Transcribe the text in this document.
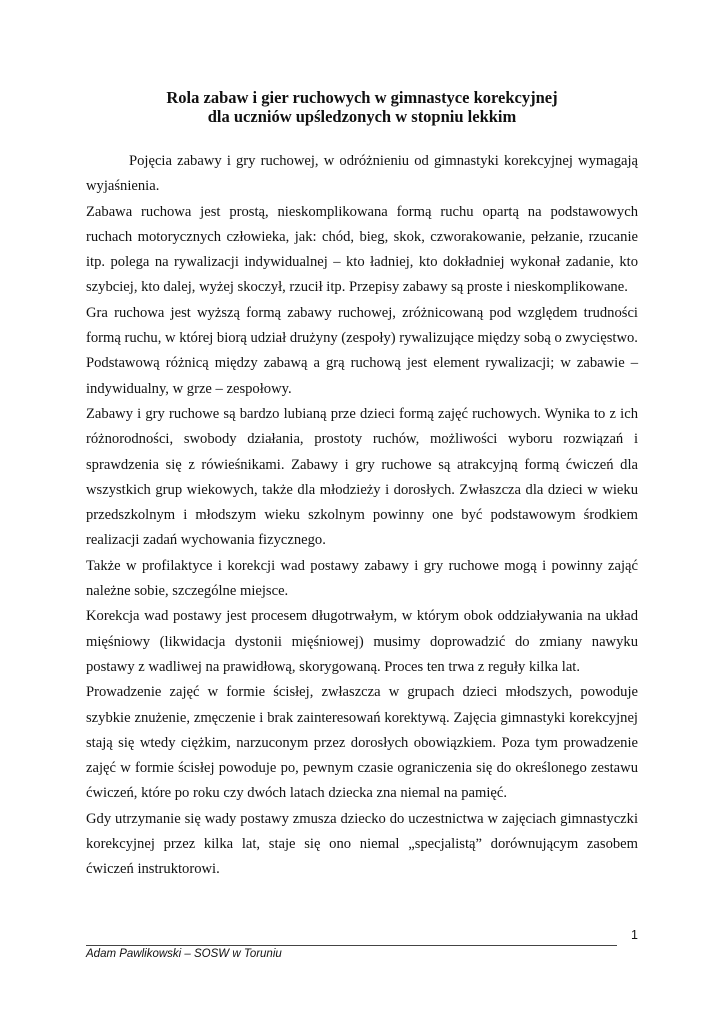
Rola zabaw i gier ruchowych w gimnastyce korekcyjnej
dla uczniów upśledzonych w stopniu lekkim

Pojęcia zabawy i gry ruchowej, w odróżnieniu od gimnastyki korekcyjnej wymagają wyjaśnienia.

Zabawa ruchowa jest prostą, nieskomplikowana formą ruchu opartą na podstawowych ruchach motorycznych człowieka, jak: chód, bieg, skok, czworakowanie, pełzanie, rzucanie itp. polega na rywalizacji indywidualnej – kto ładniej, kto dokładniej wykonał zadanie, kto szybciej, kto dalej, wyżej skoczył, rzucił itp. Przepisy zabawy są proste i nieskomplikowane.

Gra ruchowa jest wyższą formą zabawy ruchowej, zróżnicowaną pod względem trudności formą ruchu, w której biorą udział drużyny (zespoły) rywalizujące między sobą o zwycięstwo.

Podstawową różnicą między zabawą a grą ruchową jest element rywalizacji; w zabawie – indywidualny, w grze – zespołowy.

Zabawy i gry ruchowe są bardzo lubianą prze dzieci formą zajęć ruchowych. Wynika to z ich różnorodności, swobody działania, prostoty ruchów, możliwości wyboru rozwiązań i sprawdzenia się z rówieśnikami. Zabawy i gry ruchowe są atrakcyjną formą ćwiczeń dla wszystkich grup wiekowych, także dla młodzieży i dorosłych. Zwłaszcza dla dzieci w wieku przedszkolnym i młodszym wieku szkolnym powinny one być podstawowym środkiem realizacji zadań wychowania fizycznego.

Także w profilaktyce i korekcji wad postawy zabawy i gry ruchowe mogą i powinny zająć należne sobie, szczególne miejsce.

Korekcja wad postawy jest procesem długotrwałym, w którym obok oddziaływania na układ mięśniowy (likwidacja dystonii mięśniowej) musimy doprowadzić do zmiany nawyku postawy z wadliwej na prawidłową, skorygowaną. Proces ten trwa z reguły kilka lat.

Prowadzenie zajęć w formie ścisłej, zwłaszcza w grupach dzieci młodszych, powoduje szybkie znużenie, zmęczenie i brak zainteresowań korektywą. Zajęcia gimnastyki korekcyjnej stają się wtedy ciężkim, narzuconym przez dorosłych obowiązkiem. Poza tym prowadzenie zajęć w formie ścisłej powoduje po, pewnym czasie ograniczenia się do określonego zestawu ćwiczeń, które po roku czy dwóch latach dziecka zna niemal na pamięć.

Gdy utrzymanie się wady postawy zmusza dziecko do uczestnictwa w zajęciach gimnastyczki korekcyjnej przez kilka lat, staje się ono niemal „specjalistą” dorównującym zasobem ćwiczeń instruktorowi.

1
Adam Pawlikowski – SOSW w Toruniu
